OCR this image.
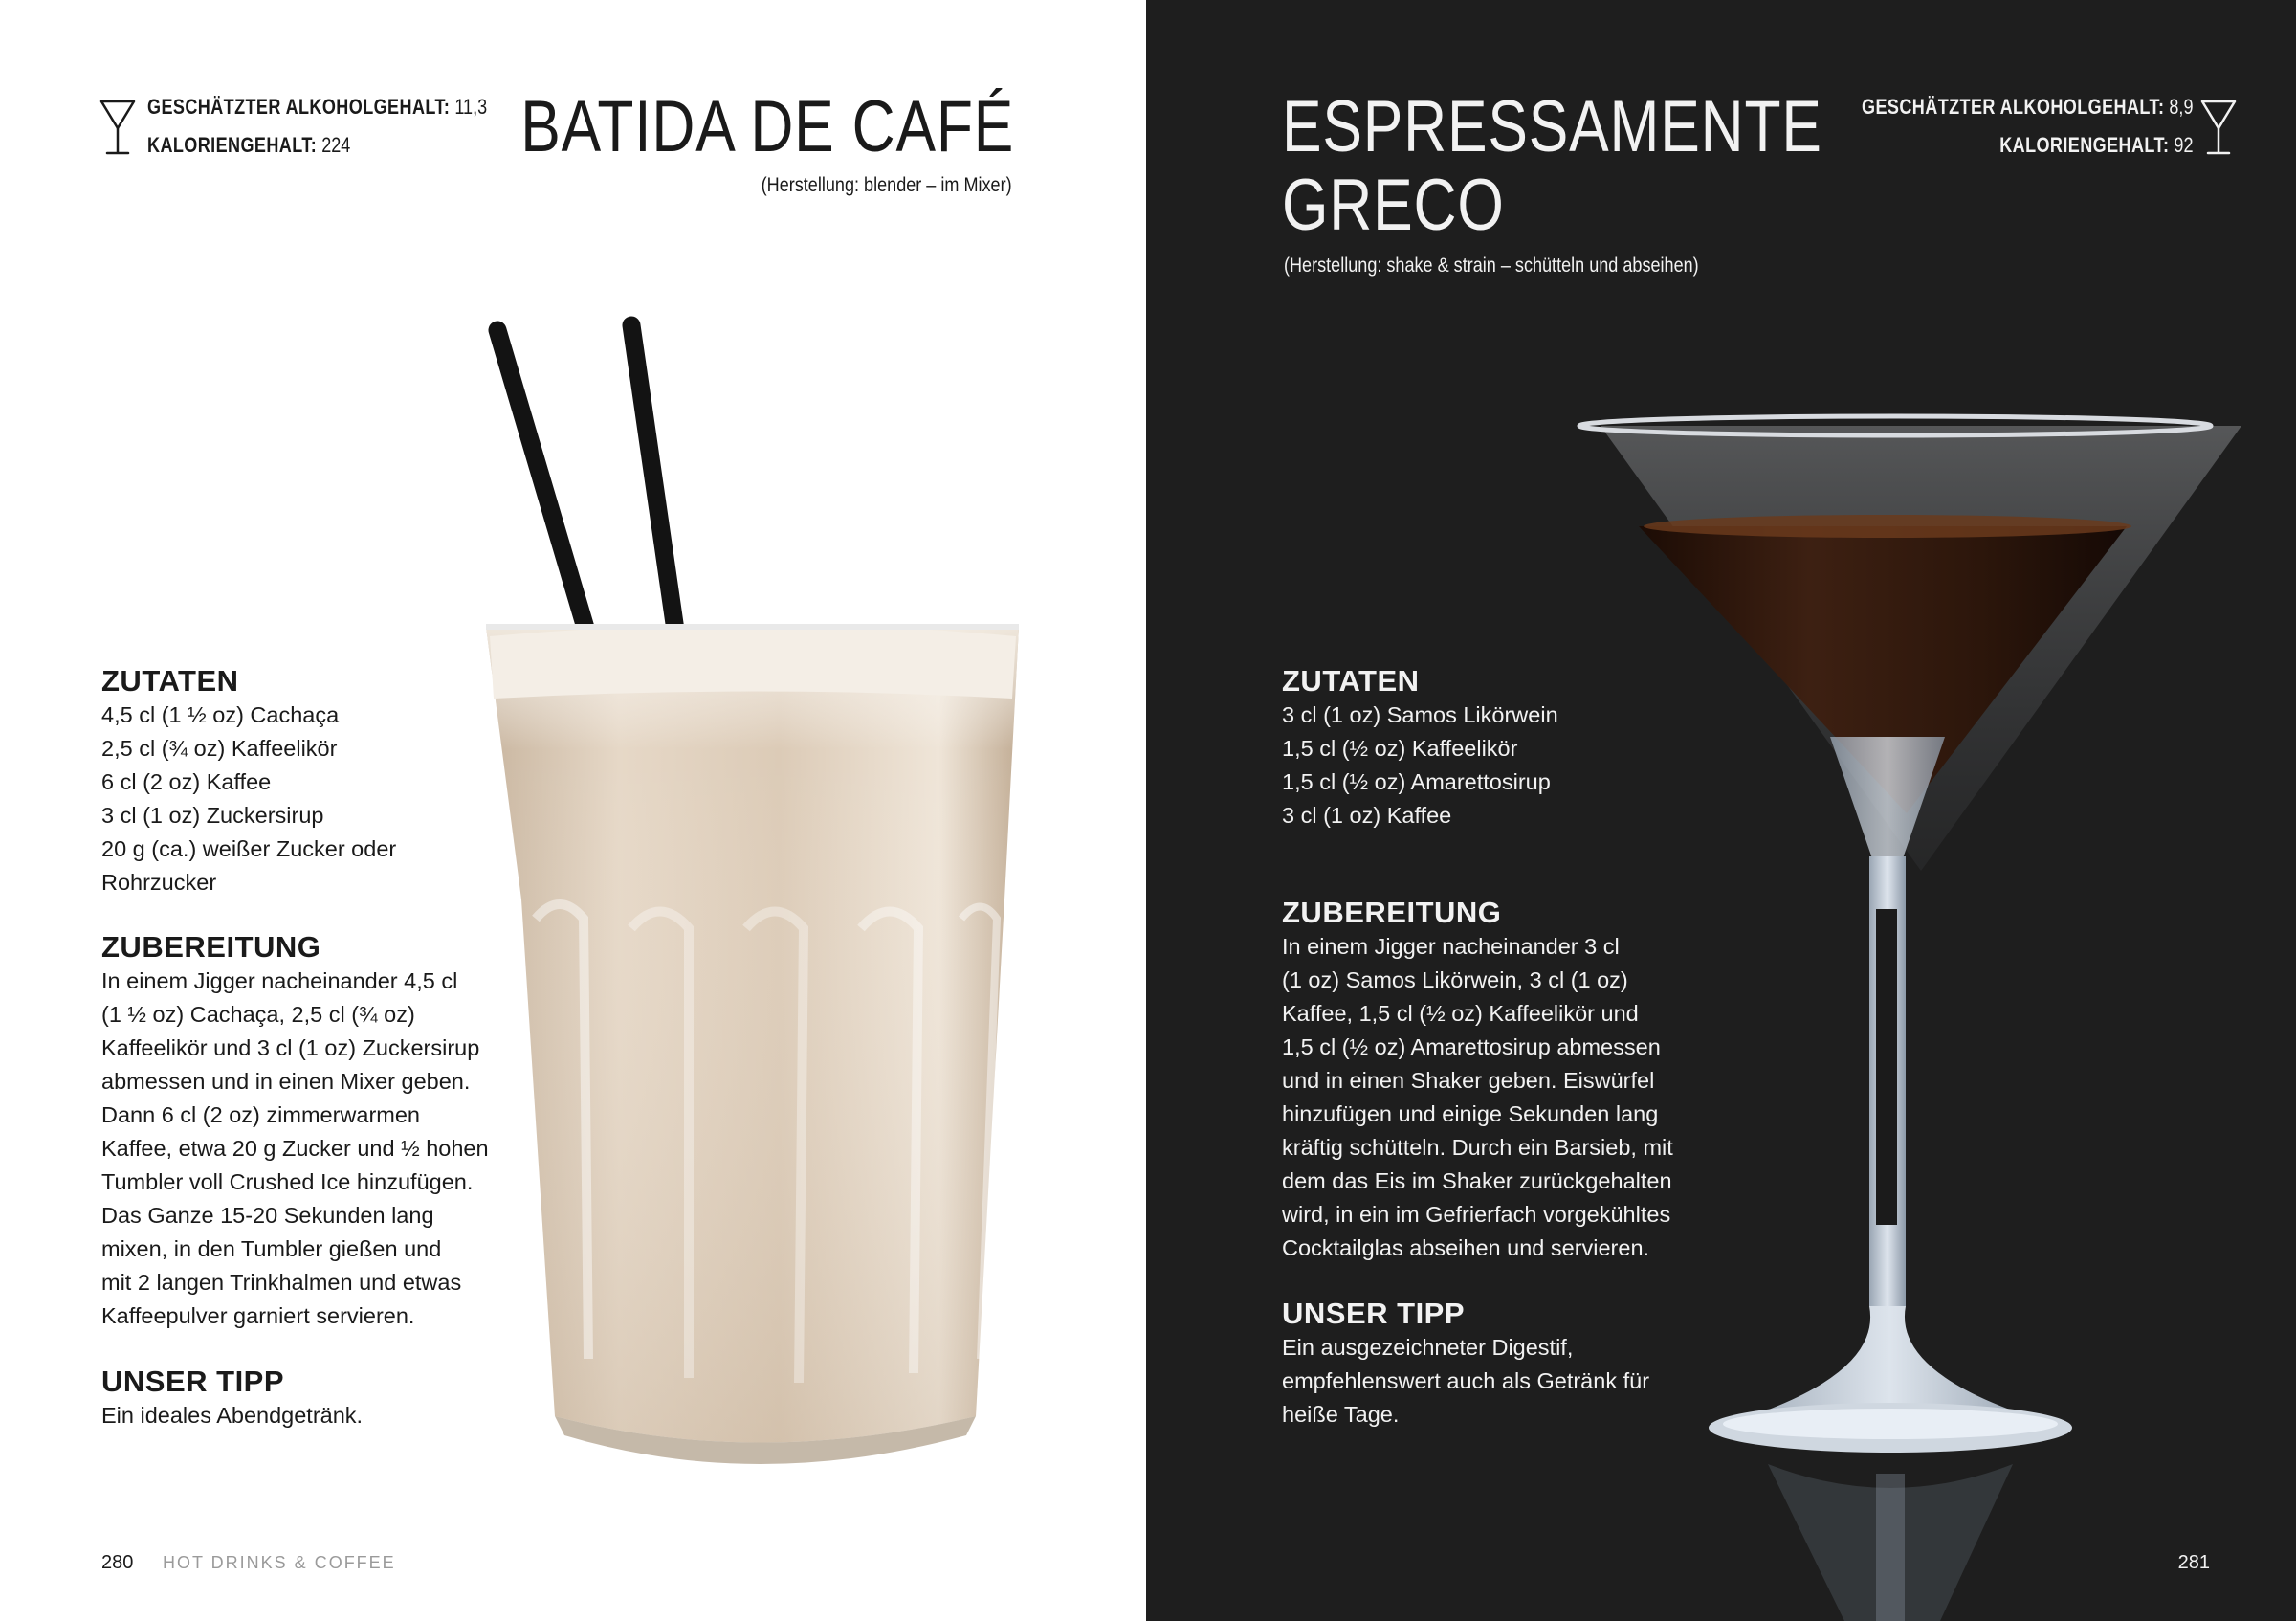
GESCHÄTZTER ALKOHOLGEHALT: 11,3
KALORIENGEHALT: 224	BATIDA DE CAFÉ
(Herstellung: blender – im Mixer)
ZUTATEN
4,5 cl (1 ½ oz) Cachaça
2,5 cl (¾ oz) Kaffeelikör
6 cl (2 oz) Kaffee
3 cl (1 oz) Zuckersirup
20 g (ca.) weißer Zucker oder
Rohrzucker
ZUBEREITUNG
In einem Jigger nacheinander 4,5 cl
(1 ½ oz) Cachaça, 2,5 cl (¾ oz)
Kaffeelikör und 3 cl (1 oz) Zuckersirup
abmessen und in einen Mixer geben.
Dann 6 cl (2 oz) zimmerwarmen
Kaffee, etwa 20 g Zucker und ½ hohen
Tumbler voll Crushed Ice hinzufügen.
Das Ganze 15-20 Sekunden lang
mixen, in den Tumbler gießen und
mit 2 langen Trinkhalmen und etwas
Kaffeepulver garniert servieren.
UNSER TIPP
Ein ideales Abendgetränk.
280 HOT DRINKS & COFFEE
ESPRESSAMENTE
GRECO
(Herstellung: shake & strain – schütteln und abseihen)
GESCHÄTZTER ALKOHOLGEHALT: 8,9
KALORIENGEHALT: 92
ZUTATEN
3 cl (1 oz) Samos Likörwein
1,5 cl (½ oz) Kaffeelikör
1,5 cl (½ oz) Amarettosirup
3 cl (1 oz) Kaffee
ZUBEREITUNG
In einem Jigger nacheinander 3 cl
(1 oz) Samos Likörwein, 3 cl (1 oz)
Kaffee, 1,5 cl (½ oz) Kaffeelikör und
1,5 cl (½ oz) Amarettosirup abmessen
und in einen Shaker geben. Eiswürfel
hinzufügen und einige Sekunden lang
kräftig schütteln. Durch ein Barsieb, mit
dem das Eis im Shaker zurückgehalten
wird, in ein im Gefrierfach vorgekühltes
Cocktailglas abseihen und servieren.
UNSER TIPP
Ein ausgezeichneter Digestif,
empfehlenswert auch als Getränk für
heiße Tage.
281
